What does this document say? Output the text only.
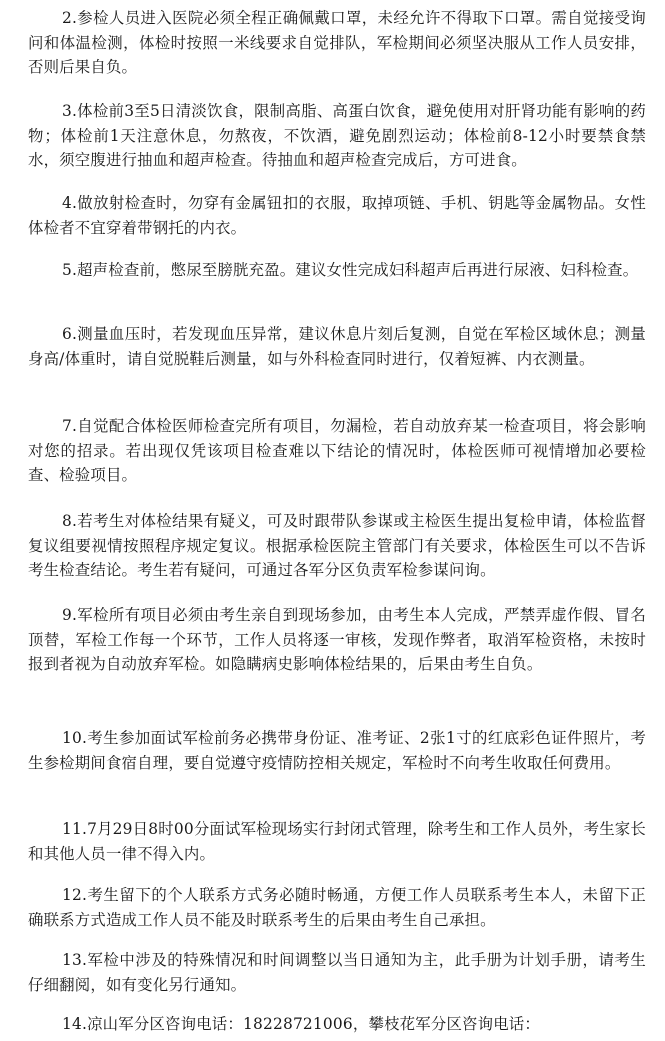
2.参检人员进入医院必须全程正确佩戴口罩，未经允许不得取下口罩。需自觉接受询问和体温检测，体检时按照一米线要求自觉排队，军检期间必须坚决服从工作人员安排，否则后果自负。

3.体检前3至5日清淡饮食，限制高脂、高蛋白饮食，避免使用对肝肾功能有影响的药物；体检前1天注意休息，勿熬夜，不饮酒，避免剧烈运动；体检前8-12小时要禁食禁水，须空腹进行抽血和超声检查。待抽血和超声检查完成后，方可进食。

4.做放射检查时，勿穿有金属钮扣的衣服，取掉项链、手机、钥匙等金属物品。女性体检者不宜穿着带钢托的内衣。

5.超声检查前，憋尿至膀胱充盈。建议女性完成妇科超声后再进行尿液、妇科检查。

6.测量血压时，若发现血压异常，建议休息片刻后复测，自觉在军检区域休息；测量身高/体重时，请自觉脱鞋后测量，如与外科检查同时进行，仅着短裤、内衣测量。

7.自觉配合体检医师检查完所有项目，勿漏检，若自动放弃某一检查项目，将会影响对您的招录。若出现仅凭该项目检查难以下结论的情况时，体检医师可视情增加必要检查、检验项目。

8.若考生对体检结果有疑义，可及时跟带队参谋或主检医生提出复检申请，体检监督复议组要视情按照程序规定复议。根据承检医院主管部门有关要求，体检医生可以不告诉考生检查结论。考生若有疑问，可通过各军分区负责军检参谋问询。

9.军检所有项目必须由考生亲自到现场参加，由考生本人完成，严禁弄虚作假、冒名顶替，军检工作每一个环节，工作人员将逐一审核，发现作弊者，取消军检资格，未按时报到者视为自动放弃军检。如隐瞒病史影响体检结果的，后果由考生自负。

10.考生参加面试军检前务必携带身份证、准考证、2张1寸的红底彩色证件照片，考生参检期间食宿自理，要自觉遵守疫情防控相关规定，军检时不向考生收取任何费用。

11.7月29日8时00分面试军检现场实行封闭式管理，除考生和工作人员外，考生家长和其他人员一律不得入内。

12.考生留下的个人联系方式务必随时畅通，方便工作人员联系考生本人，未留下正确联系方式造成工作人员不能及时联系考生的后果由考生自己承担。

13.军检中涉及的特殊情况和时间调整以当日通知为主，此手册为计划手册，请考生仔细翻阅，如有变化另行通知。

14.凉山军分区咨询电话：18228721006，攀枝花军分区咨询电话：
